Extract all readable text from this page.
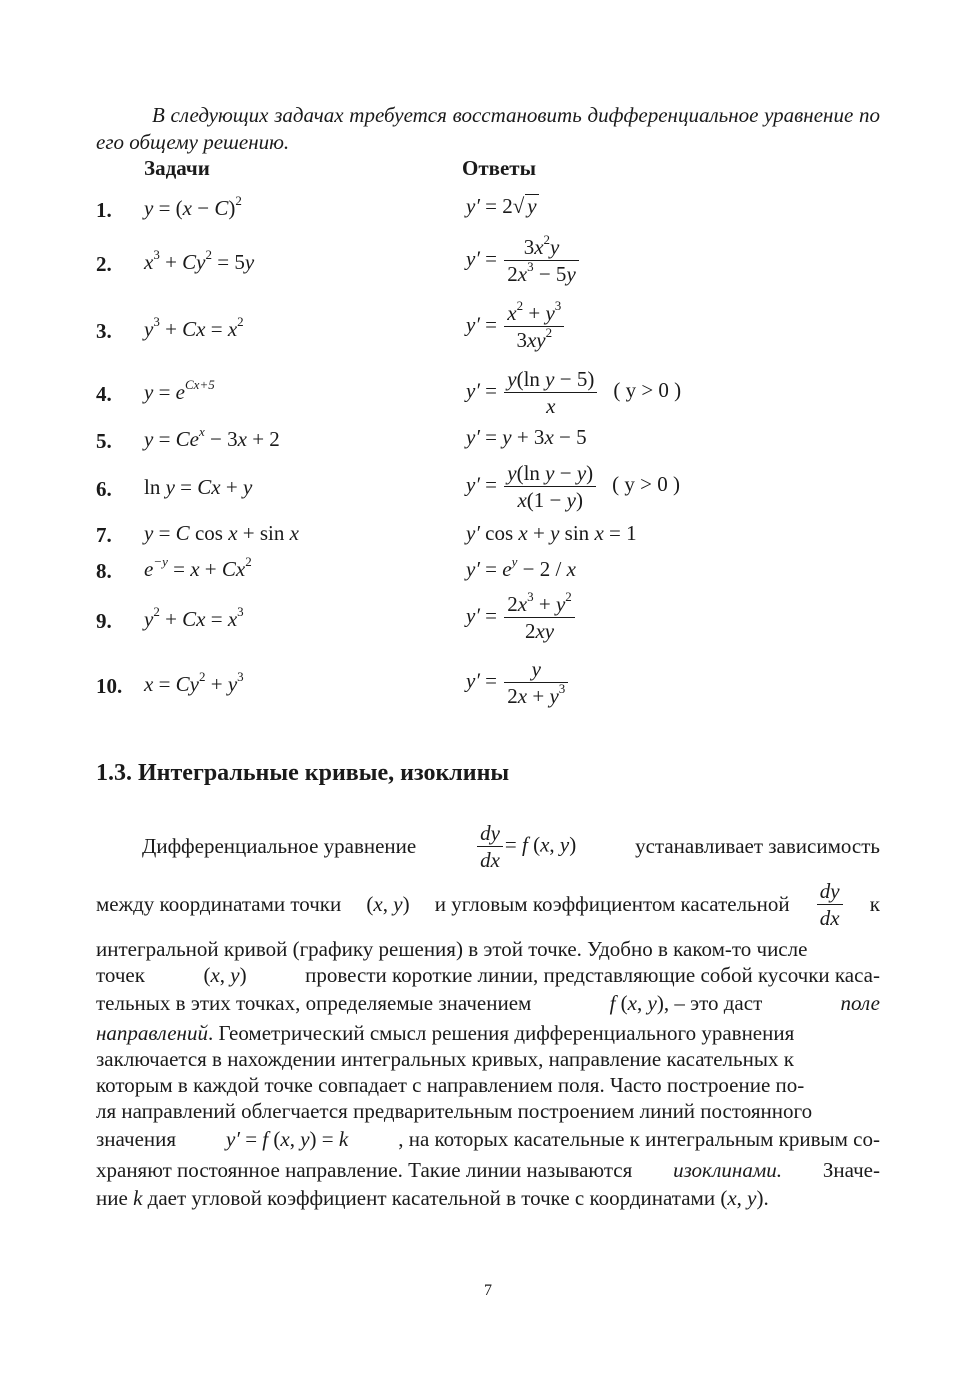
В следующих задачах требуется восстановить дифференциальное уравнение по его общему решению.
Задачи	Ответы
1. $y = (x - C)^2$	y′ = 2√ y
2. $x^3 + Cy^2 = 5y$	$y' = \frac{3x^2y}{2x^3 - 5y}$
3. $y^3 + Cx = x^2$	$y' = \frac{x^2 + y^3}{3xy^2}$
4. $y = e^{Cx+5}$	$y' = \frac{\text{y(ln y − 5)}}{x}$ ( y > 0 )
5. $y = Ce^x - 3x + 2$	y′ = y + 3x − 5
6. ln y = Cx + y	$y' = \frac{\text{y(ln y − y)}}{x(1 - y)}$ ( y > 0 )
7. y = C cos x + sin x	y′ cos x + y sin x = 1
8. $e^{-y} = x + Cx^2$	$y' = e^y - 2 / x$
9. $y^2 + Cx = x^3$	$y' = \frac{2x^3 + y^2}{2xy}$
10. $x = Cy^2 + y^3$	$y' = \frac{y}{2x + y^3}$
1.3. Интегральные кривые, изоклины
Дифференциальное уравнение	$\frac{dy}{dx} = f$ (x, y)	устанавливает зависимость
между координатами точки (x, y) и угловым коэффициентом касательной $\frac{dy}{dx}$ к
интегральной кривой (графику решения) в этой точке. Удобно в каком-то числе
точек	(x, y)	провести короткие линии, представляющие собой кусочки каса-
тельных в этих точках, определяемые значением	f (x, y), – это даст	поле
направлений. Геометрический смысл решения дифференциального уравнения
заключается в нахождении интегральных кривых, направление касательных к
которым в каждой точке совпадает с направлением поля. Часто построение по-
ля направлений облегчается предварительным построением линий постоянного
значения y′ = f (x, y) = k , на которых касательные к интегральным кривым со-
храняют постоянное направление. Такие линии называются изоклинами. Значе-
ние k дает угловой коэффициент касательной в точке с координатами (x, y).
7
